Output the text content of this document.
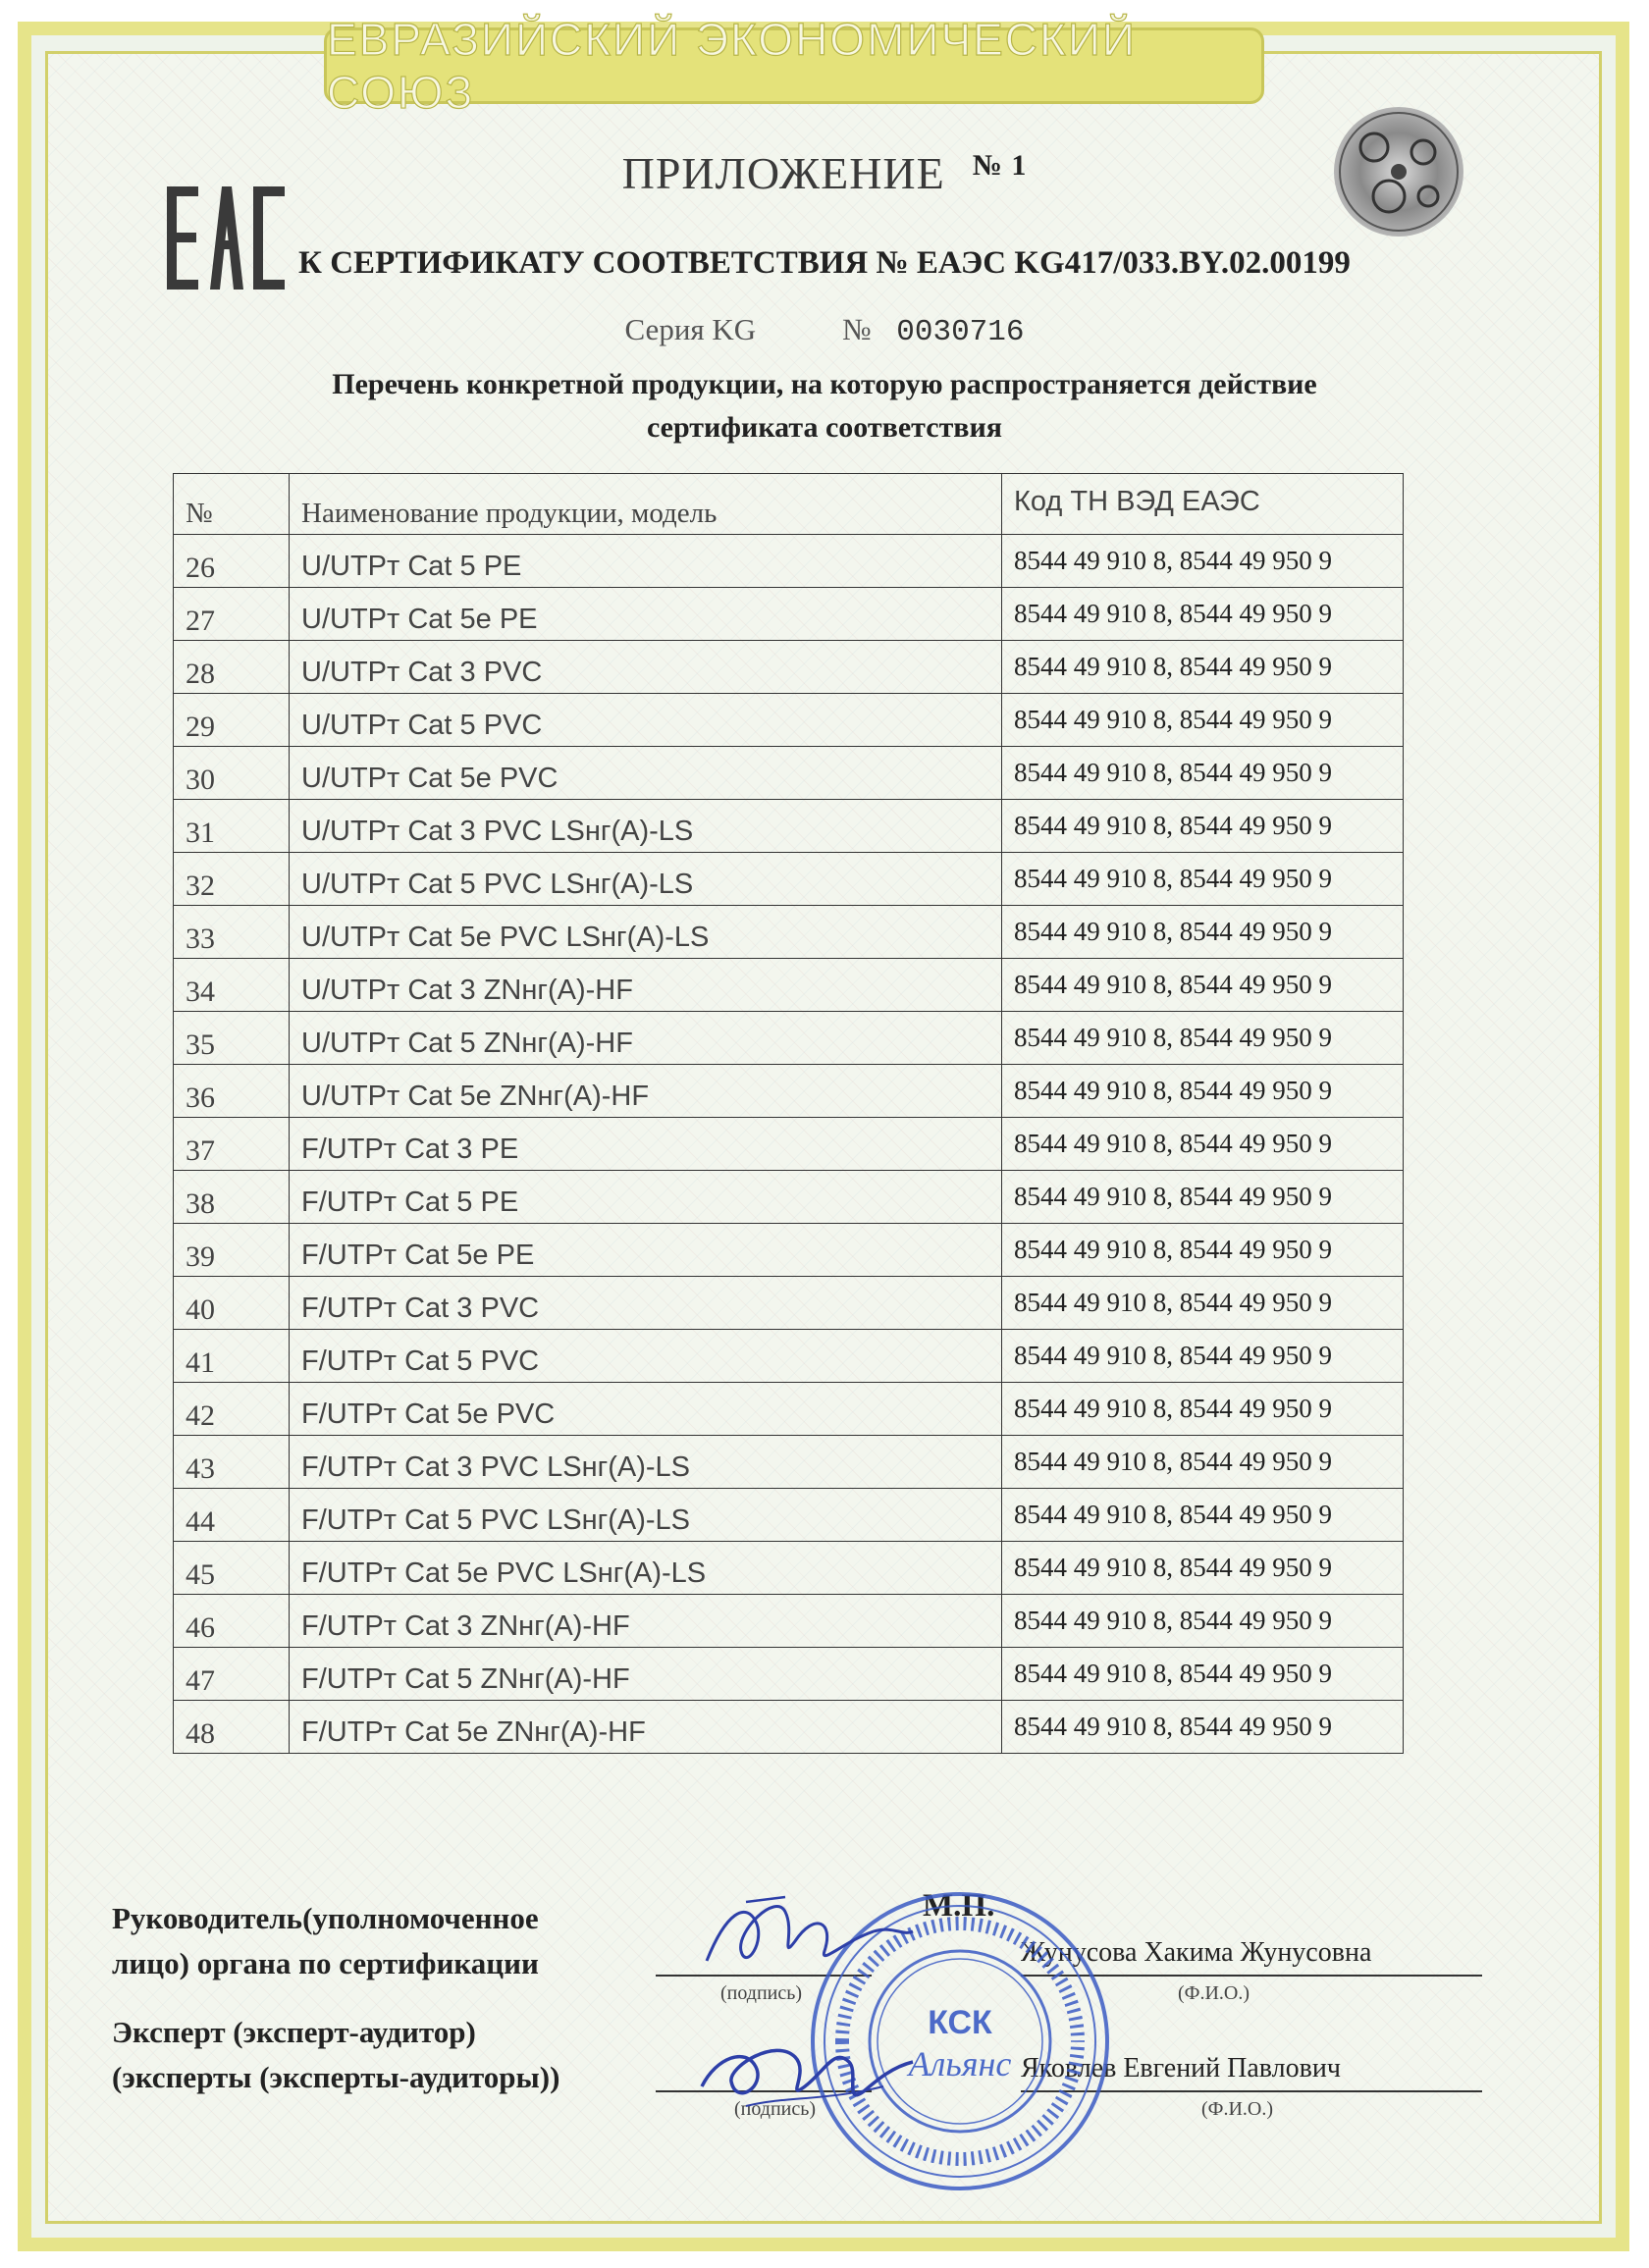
ЕВРАЗИЙСКИЙ ЭКОНОМИЧЕСКИЙ СОЮЗ
ПРИЛОЖЕНИЕ $^{№ 1}$
К СЕРТИФИКАТУ СООТВЕТСТВИЯ № ЕАЭС KG417/033.BY.02.00199
Серия KG	№ 0030716
Перечень конкретной продукции, на которую распространяется действие
сертификата соответствия
№	Наименование продукции, модель	Код ТН ВЭД ЕАЭС
26	U/UTPт Cat 5 PE	8544 49 910 8, 8544 49 950 9
27	U/UTPт Cat 5e PE	8544 49 910 8, 8544 49 950 9
28	U/UTPт Cat 3 PVC	8544 49 910 8, 8544 49 950 9
29	U/UTPт Cat 5 PVC	8544 49 910 8, 8544 49 950 9
30	U/UTPт Cat 5e PVC	8544 49 910 8, 8544 49 950 9
31	U/UTPт Cat 3 PVC LSнг(A)-LS	8544 49 910 8, 8544 49 950 9
32	U/UTPт Cat 5 PVC LSнг(A)-LS	8544 49 910 8, 8544 49 950 9
33	U/UTPт Cat 5e PVC LSнг(A)-LS	8544 49 910 8, 8544 49 950 9
34	U/UTPт Cat 3 ZNнг(A)-HF	8544 49 910 8, 8544 49 950 9
35	U/UTPт Cat 5 ZNнг(A)-HF	8544 49 910 8, 8544 49 950 9
36	U/UTPт Cat 5e ZNнг(A)-HF	8544 49 910 8, 8544 49 950 9
37	F/UTPт Cat 3 PE	8544 49 910 8, 8544 49 950 9
38	F/UTPт Cat 5 PE	8544 49 910 8, 8544 49 950 9
39	F/UTPт Cat 5e PE	8544 49 910 8, 8544 49 950 9
40	F/UTPт Cat 3 PVC	8544 49 910 8, 8544 49 950 9
41	F/UTPт Cat 5 PVC	8544 49 910 8, 8544 49 950 9
42	F/UTPт Cat 5e PVC	8544 49 910 8, 8544 49 950 9
43	F/UTPт Cat 3 PVC LSнг(A)-LS	8544 49 910 8, 8544 49 950 9
44	F/UTPт Cat 5 PVC LSнг(A)-LS	8544 49 910 8, 8544 49 950 9
45	F/UTPт Cat 5e PVC LSнг(A)-LS	8544 49 910 8, 8544 49 950 9
46	F/UTPт Cat 3 ZNнг(A)-HF	8544 49 910 8, 8544 49 950 9
47	F/UTPт Cat 5 ZNнг(A)-HF	8544 49 910 8, 8544 49 950 9
48	F/UTPт Cat 5e ZNнг(A)-HF	8544 49 910 8, 8544 49 950 9
Руководитель(уполномоченное
лицо) органа по сертификации
Эксперт (эксперт-аудитор)
(эксперты (эксперты-аудиторы))
М.П.
(подпись)	(Ф.И.О.)
Жунусова Хакима Жунусовна
(подпись)	(Ф.И.О.)
Яковлев Евгений Павлович
КСК
Альянс
